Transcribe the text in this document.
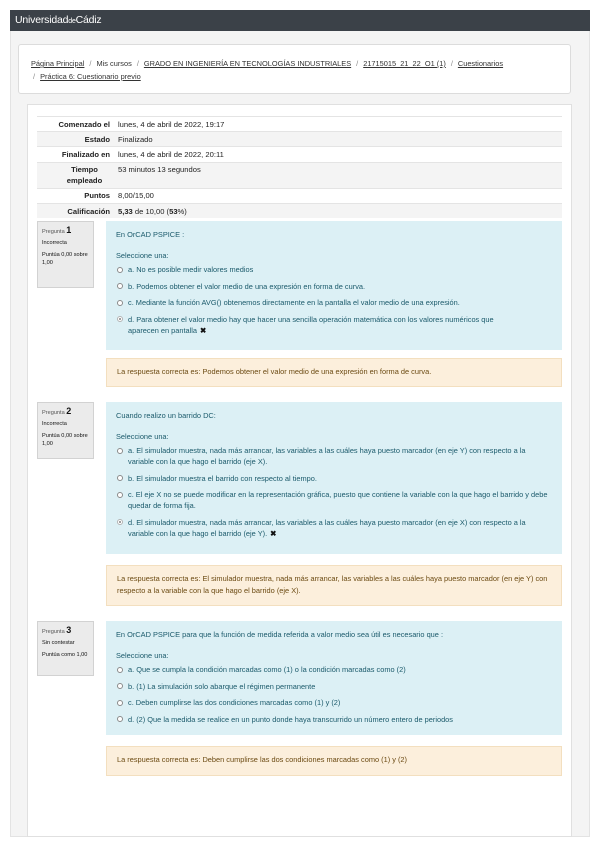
UniversidaddeCádiz
Página Principal / Mis cursos / GRADO EN INGENIERÍA EN TECNOLOGÍAS INDUSTRIALES / 21715015_21_22_O1 (1) / Cuestionarios
/ Práctica 6: Cuestionario previo
Comenzado el	lunes, 4 de abril de 2022, 19:17
Estado	Finalizado
Finalizado en	lunes, 4 de abril de 2022, 20:11
Tiempo empleado	53 minutos 13 segundos
Puntos	8,00/15,00
Calificación	5,33 de 10,00 (53%)
Pregunta 1
Incorrecta
Puntúa 0,00 sobre 1,00
En OrCAD PSPICE :
Seleccione una:
a. No es posible medir valores medios
b. Podemos obtener el valor medio de una expresión en forma de curva.
c. Mediante la función AVG() obtenemos directamente en la pantalla el valor medio de una expresión.
d. Para obtener el valor medio hay que hacer una sencilla operación matemática con los valores numéricos que aparecen en pantalla ✖
La respuesta correcta es: Podemos obtener el valor medio de una expresión en forma de curva.
Pregunta 2
Incorrecta
Puntúa 0,00 sobre 1,00
Cuando realizo un barrido DC:
Seleccione una:
a. El simulador muestra, nada más arrancar, las variables a las cuáles haya puesto marcador (en eje Y) con respecto a la variable con la que hago el barrido (eje X).
b. El simulador muestra el barrido con respecto al tiempo.
c. El eje X no se puede modificar en la representación gráfica, puesto que contiene la variable con la que hago el barrido y debe quedar de forma fija.
d. El simulador muestra, nada más arrancar, las variables a las cuáles haya puesto marcador (en eje X) con respecto a la variable con la que hago el barrido (eje Y). ✖
La respuesta correcta es: El simulador muestra, nada más arrancar, las variables a las cuáles haya puesto marcador (en eje Y) con respecto a la variable con la que hago el barrido (eje X).
Pregunta 3
Sin contestar
Puntúa como 1,00
En OrCAD PSPICE para que la función de medida referida a valor medio sea útil es necesario que :
Seleccione una:
a. Que se cumpla la condición marcadas como (1) o la condición marcadas como (2)
b. (1) La simulación solo abarque el régimen permanente
c. Deben cumplirse las dos condiciones marcadas como (1) y (2)
d. (2) Que la medida se realice en un punto donde haya transcurrido un número entero de periodos
La respuesta correcta es: Deben cumplirse las dos condiciones marcadas como (1) y (2)
